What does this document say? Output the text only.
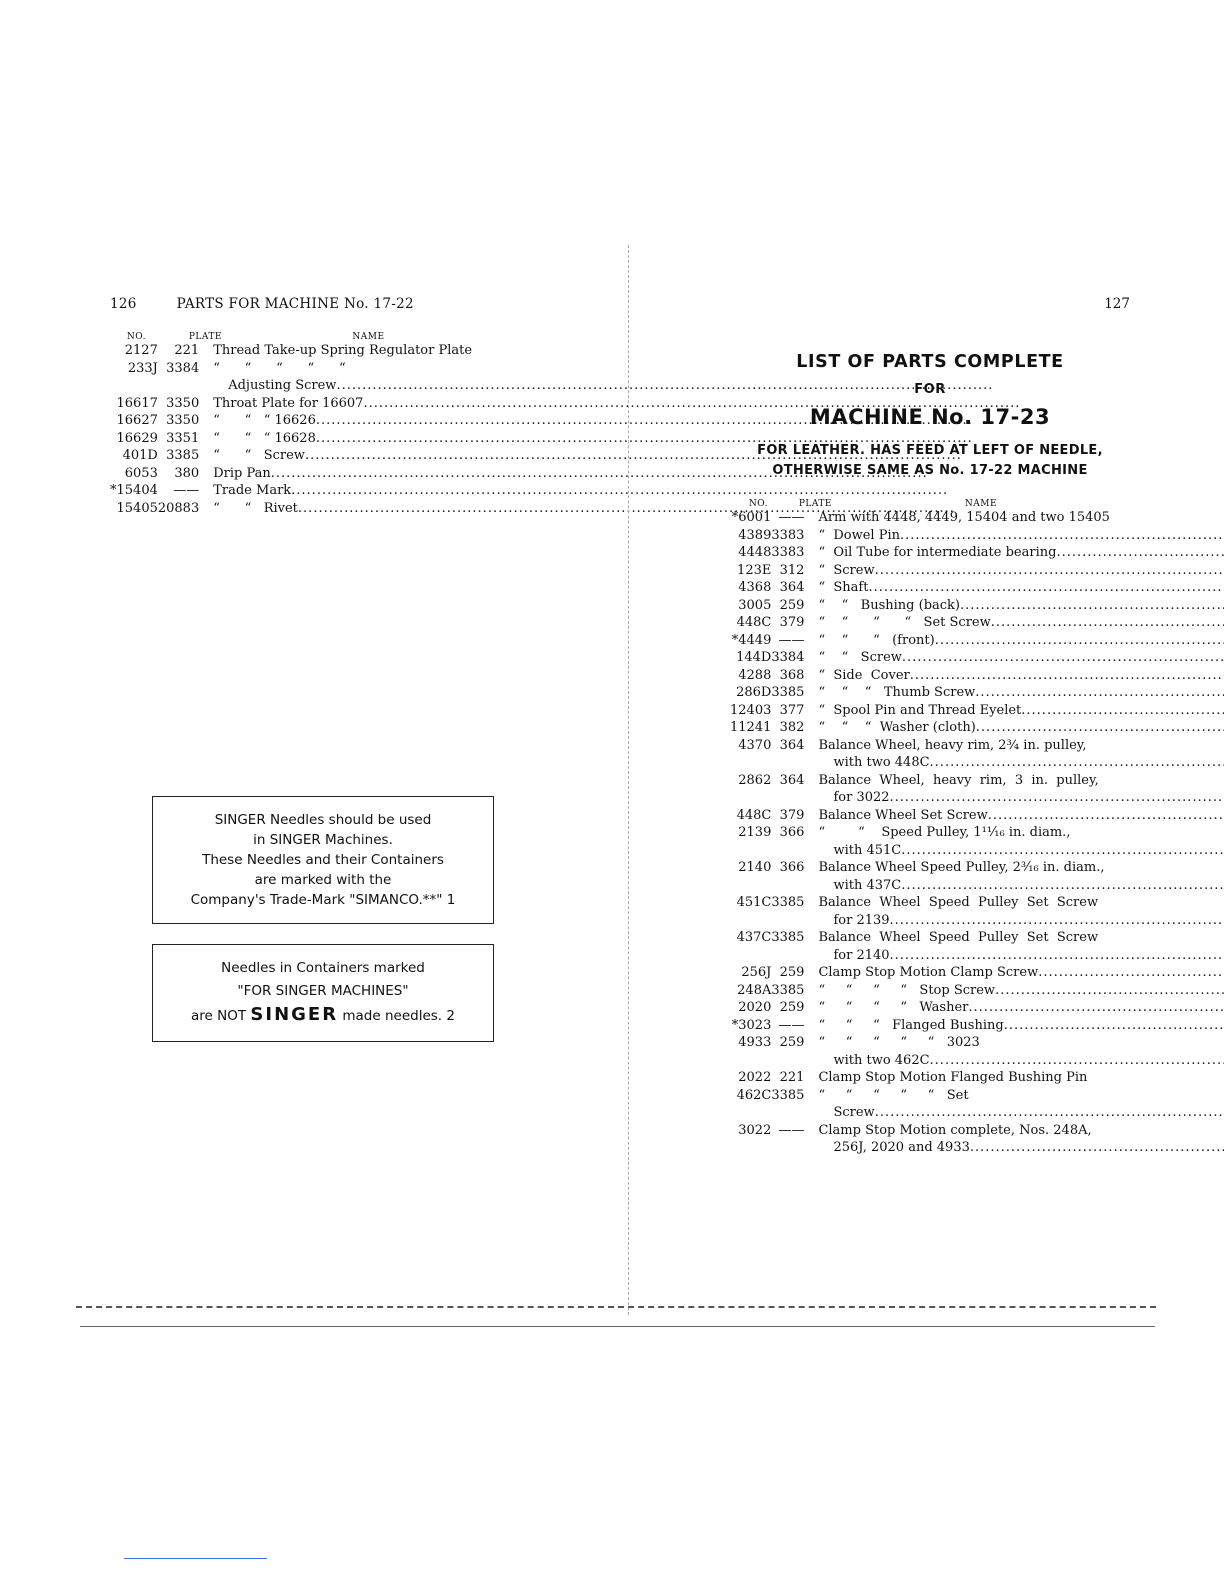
126	PARTS FOR MACHINE No. 17-22
NO.	PLATE	NAME
2127	221	Thread Take-up Spring Regulator Plate

233J	3384	“      “      “      “      “

		Adjusting Screw
.....

16617	3350	Throat Plate for 16607
.....

16627	3350	“      “   “ 16626
.....

16629	3351	“      “   “ 16628
.....

401D	3385	“      “   Screw
.....

6053	380	Drip Pan
.....

*15404	——	Trade Mark
.....

15405	20883	“      “   Rivet
.....
SINGER Needles should be used
in SINGER Machines.
These Needles and their Containers
are marked with the
Company's Trade-Mark "SIMANCO.**" 1
Needles in Containers marked
"FOR SINGER MACHINES"
are NOT SINGER made needles. 2
127
LIST OF PARTS COMPLETE
FOR
MACHINE No. 17-23
FOR LEATHER. HAS FEED AT LEFT OF NEEDLE,
OTHERWISE SAME AS No. 17-22 MACHINE
NO.	PLATE	NAME
*6001	——	Arm with 4448, 4449, 15404 and two 15405

4389	3383	“  Dowel Pin
.....

4448	3383	“  Oil Tube for intermediate bearing
.....

123E	312	“  Screw
.....

4368	364	“  Shaft
.....

3005	259	“    “   Bushing (back)
.....

448C	379	“    “      “      “   Set Screw
.....

*4449	——	“    “      “   (front)
.....

144D	3384	“    “   Screw
.....

4288	368	“  Side  Cover
.....

286D	3385	“    “    “   Thumb Screw
.....

12403	377	“  Spool Pin and Thread Eyelet
.....

11241	382	“    “    “  Washer (cloth)
.....

4370	364	Balance Wheel, heavy rim, 2¾ in. pulley,

		with two 448C
.....

2862	364	Balance  Wheel,  heavy  rim,  3  in.  pulley,

		for 3022
.....

448C	379	Balance Wheel Set Screw
.....

2139	366	“        “    Speed Pulley, 1¹¹⁄₁₆ in. diam.,

		with 451C
.....

2140	366	Balance Wheel Speed Pulley, 2³⁄₁₆ in. diam.,

		with 437C
.....

451C	3385	Balance  Wheel  Speed  Pulley  Set  Screw

		for 2139
.....

437C	3385	Balance  Wheel  Speed  Pulley  Set  Screw

		for 2140
.....

256J	259	Clamp Stop Motion Clamp Screw
.....

248A	3385	“     “     “     “   Stop Screw
.....

2020	259	“     “     “     “   Washer
.....

*3023	——	“     “     “   Flanged Bushing
.....

4933	259	“     “     “     “     “   3023

		with two 462C
.....

2022	221	Clamp Stop Motion Flanged Bushing Pin

462C	3385	“     “     “     “     “   Set

		Screw
.....

3022	——	Clamp Stop Motion complete, Nos. 248A,

		256J, 2020 and 4933
.....
